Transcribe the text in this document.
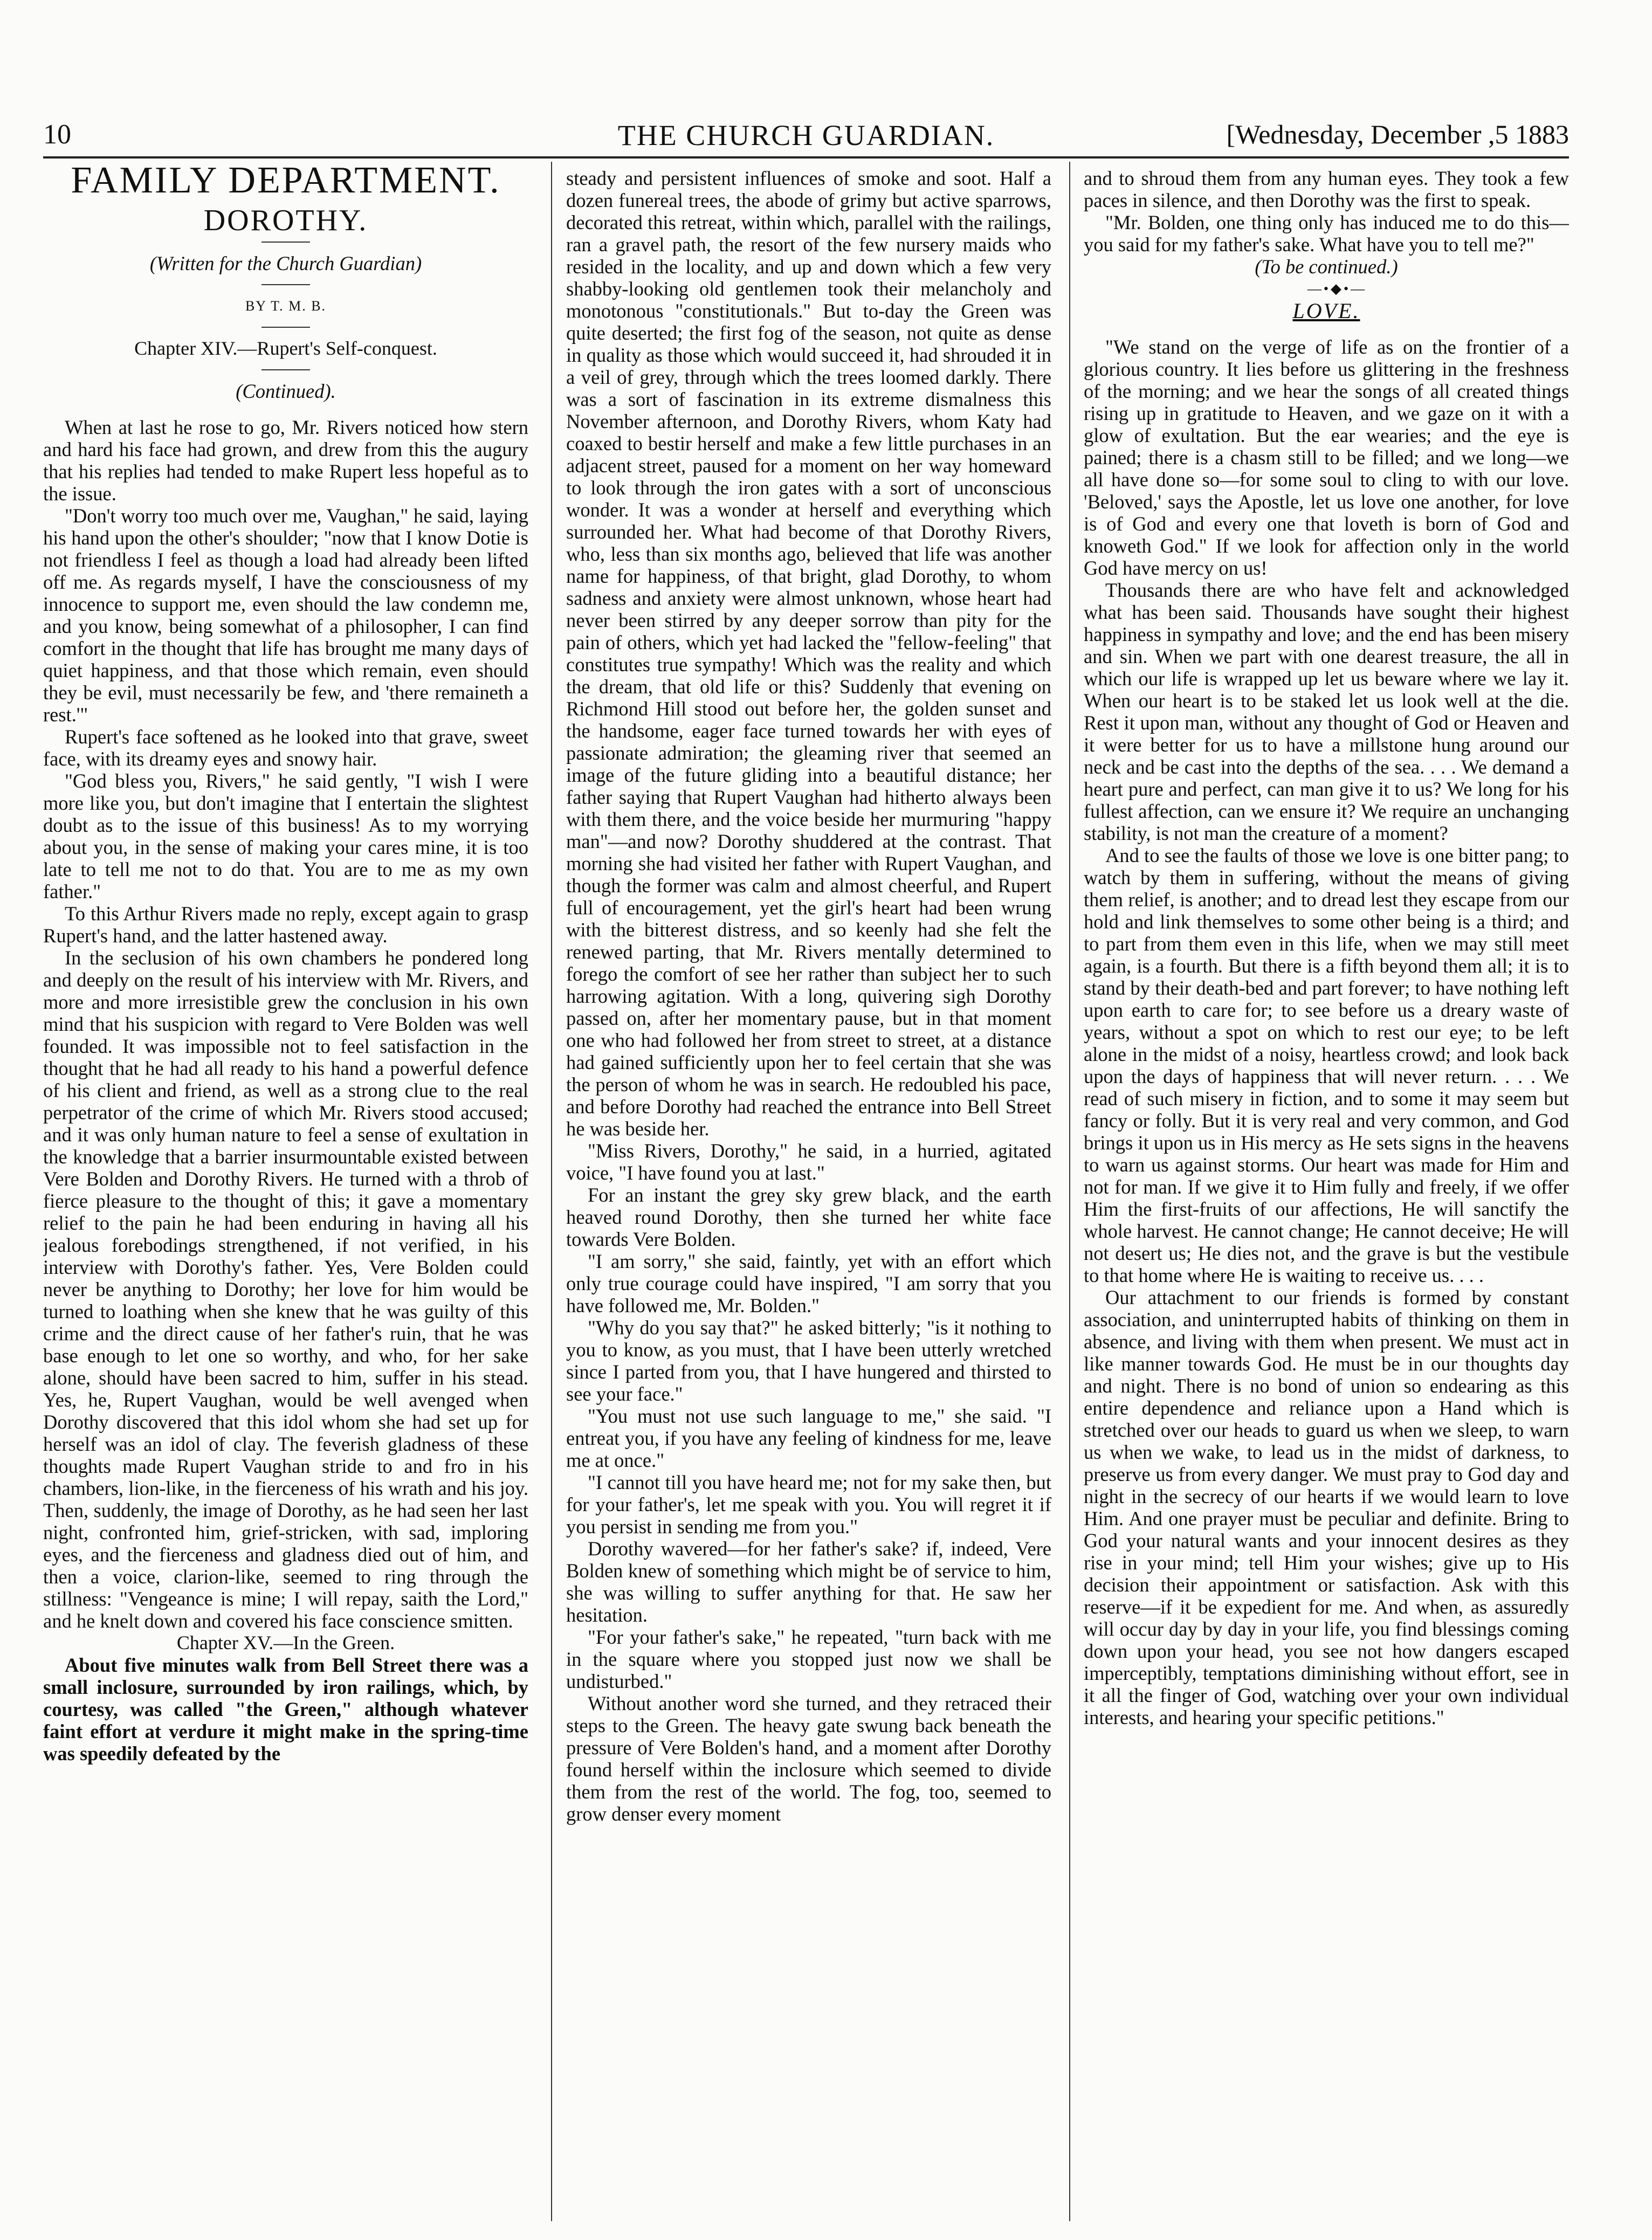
10	THE CHURCH GUARDIAN.	[Wednesday, December ,5 1883
FAMILY DEPARTMENT.
DOROTHY.

(Written for the Church Guardian)

BY T. M. B.

Chapter XIV.—Rupert's Self-conquest.

(Continued).

When at last he rose to go, Mr. Rivers noticed how stern and hard his face had grown, and drew from this the augury that his replies had tended to make Rupert less hopeful as to the issue.

"Don't worry too much over me, Vaughan," he said, laying his hand upon the other's shoulder; "now that I know Dotie is not friendless I feel as though a load had already been lifted off me. As regards myself, I have the consciousness of my innocence to support me, even should the law condemn me, and you know, being somewhat of a philosopher, I can find comfort in the thought that life has brought me many days of quiet happiness, and that those which remain, even should they be evil, must necessarily be few, and 'there remaineth a rest.'"

Rupert's face softened as he looked into that grave, sweet face, with its dreamy eyes and snowy hair.

"God bless you, Rivers," he said gently, "I wish I were more like you, but don't imagine that I entertain the slightest doubt as to the issue of this business! As to my worrying about you, in the sense of making your cares mine, it is too late to tell me not to do that. You are to me as my own father."

To this Arthur Rivers made no reply, except again to grasp Rupert's hand, and the latter hastened away.

In the seclusion of his own chambers he pondered long and deeply on the result of his interview with Mr. Rivers, and more and more irresistible grew the conclusion in his own mind that his suspicion with regard to Vere Bolden was well founded. It was impossible not to feel satisfaction in the thought that he had all ready to his hand a powerful defence of his client and friend, as well as a strong clue to the real perpetrator of the crime of which Mr. Rivers stood accused; and it was only human nature to feel a sense of exultation in the knowledge that a barrier insurmountable existed between Vere Bolden and Dorothy Rivers. He turned with a throb of fierce pleasure to the thought of this; it gave a momentary relief to the pain he had been enduring in having all his jealous forebodings strengthened, if not verified, in his interview with Dorothy's father. Yes, Vere Bolden could never be anything to Dorothy; her love for him would be turned to loathing when she knew that he was guilty of this crime and the direct cause of her father's ruin, that he was base enough to let one so worthy, and who, for her sake alone, should have been sacred to him, suffer in his stead. Yes, he, Rupert Vaughan, would be well avenged when Dorothy discovered that this idol whom she had set up for herself was an idol of clay. The feverish gladness of these thoughts made Rupert Vaughan stride to and fro in his chambers, lion-like, in the fierceness of his wrath and his joy. Then, suddenly, the image of Dorothy, as he had seen her last night, confronted him, grief-stricken, with sad, imploring eyes, and the fierceness and gladness died out of him, and then a voice, clarion-like, seemed to ring through the stillness: "Vengeance is mine; I will repay, saith the Lord," and he knelt down and covered his face conscience smitten.

Chapter XV.—In the Green.

About five minutes walk from Bell Street there was a small inclosure, surrounded by iron railings, which, by courtesy, was called "the Green," although whatever faint effort at verdure it might make in the spring-time was speedily defeated by the

steady and persistent influences of smoke and soot. Half a dozen funereal trees, the abode of grimy but active sparrows, decorated this retreat, within which, parallel with the railings, ran a gravel path, the resort of the few nursery maids who resided in the locality, and up and down which a few very shabby-looking old gentlemen took their melancholy and monotonous "constitutionals." But to-day the Green was quite deserted; the first fog of the season, not quite as dense in quality as those which would succeed it, had shrouded it in a veil of grey, through which the trees loomed darkly. There was a sort of fascination in its extreme dismalness this November afternoon, and Dorothy Rivers, whom Katy had coaxed to bestir herself and make a few little purchases in an adjacent street, paused for a moment on her way homeward to look through the iron gates with a sort of unconscious wonder. It was a wonder at herself and everything which surrounded her. What had become of that Dorothy Rivers, who, less than six months ago, believed that life was another name for happiness, of that bright, glad Dorothy, to whom sadness and anxiety were almost unknown, whose heart had never been stirred by any deeper sorrow than pity for the pain of others, which yet had lacked the "fellow-feeling" that constitutes true sympathy! Which was the reality and which the dream, that old life or this? Suddenly that evening on Richmond Hill stood out before her, the golden sunset and the handsome, eager face turned towards her with eyes of passionate admiration; the gleaming river that seemed an image of the future gliding into a beautiful distance; her father saying that Rupert Vaughan had hitherto always been with them there, and the voice beside her murmuring "happy man"—and now? Dorothy shuddered at the contrast. That morning she had visited her father with Rupert Vaughan, and though the former was calm and almost cheerful, and Rupert full of encouragement, yet the girl's heart had been wrung with the bitterest distress, and so keenly had she felt the renewed parting, that Mr. Rivers mentally determined to forego the comfort of see her rather than subject her to such harrowing agitation. With a long, quivering sigh Dorothy passed on, after her momentary pause, but in that moment one who had followed her from street to street, at a distance had gained sufficiently upon her to feel certain that she was the person of whom he was in search. He redoubled his pace, and before Dorothy had reached the entrance into Bell Street he was beside her.

"Miss Rivers, Dorothy," he said, in a hurried, agitated voice, "I have found you at last."

For an instant the grey sky grew black, and the earth heaved round Dorothy, then she turned her white face towards Vere Bolden.

"I am sorry," she said, faintly, yet with an effort which only true courage could have inspired, "I am sorry that you have followed me, Mr. Bolden."

"Why do you say that?" he asked bitterly; "is it nothing to you to know, as you must, that I have been utterly wretched since I parted from you, that I have hungered and thirsted to see your face."

"You must not use such language to me," she said. "I entreat you, if you have any feeling of kindness for me, leave me at once."

"I cannot till you have heard me; not for my sake then, but for your father's, let me speak with you. You will regret it if you persist in sending me from you."

Dorothy wavered—for her father's sake? if, indeed, Vere Bolden knew of something which might be of service to him, she was willing to suffer anything for that. He saw her hesitation.

"For your father's sake," he repeated, "turn back with me in the square where you stopped just now we shall be undisturbed."

Without another word she turned, and they retraced their steps to the Green. The heavy gate swung back beneath the pressure of Vere Bolden's hand, and a moment after Dorothy found herself within the inclosure which seemed to divide them from the rest of the world. The fog, too, seemed to grow denser every moment

and to shroud them from any human eyes. They took a few paces in silence, and then Dorothy was the first to speak.

"Mr. Bolden, one thing only has induced me to do this—you said for my father's sake. What have you to tell me?"

(To be continued.)

—•◆•—

LOVE.

"We stand on the verge of life as on the frontier of a glorious country. It lies before us glittering in the freshness of the morning; and we hear the songs of all created things rising up in gratitude to Heaven, and we gaze on it with a glow of exultation. But the ear wearies; and the eye is pained; there is a chasm still to be filled; and we long—we all have done so—for some soul to cling to with our love. 'Beloved,' says the Apostle, let us love one another, for love is of God and every one that loveth is born of God and knoweth God." If we look for affection only in the world God have mercy on us!

Thousands there are who have felt and acknowledged what has been said. Thousands have sought their highest happiness in sympathy and love; and the end has been misery and sin. When we part with one dearest treasure, the all in which our life is wrapped up let us beware where we lay it. When our heart is to be staked let us look well at the die. Rest it upon man, without any thought of God or Heaven and it were better for us to have a millstone hung around our neck and be cast into the depths of the sea. . . . We demand a heart pure and perfect, can man give it to us? We long for his fullest affection, can we ensure it? We require an unchanging stability, is not man the creature of a moment?

And to see the faults of those we love is one bitter pang; to watch by them in suffering, without the means of giving them relief, is another; and to dread lest they escape from our hold and link themselves to some other being is a third; and to part from them even in this life, when we may still meet again, is a fourth. But there is a fifth beyond them all; it is to stand by their death-bed and part forever; to have nothing left upon earth to care for; to see before us a dreary waste of years, without a spot on which to rest our eye; to be left alone in the midst of a noisy, heartless crowd; and look back upon the days of happiness that will never return. . . . We read of such misery in fiction, and to some it may seem but fancy or folly. But it is very real and very common, and God brings it upon us in His mercy as He sets signs in the heavens to warn us against storms. Our heart was made for Him and not for man. If we give it to Him fully and freely, if we offer Him the first-fruits of our affections, He will sanctify the whole harvest. He cannot change; He cannot deceive; He will not desert us; He dies not, and the grave is but the vestibule to that home where He is waiting to receive us. . . .

Our attachment to our friends is formed by constant association, and uninterrupted habits of thinking on them in absence, and living with them when present. We must act in like manner towards God. He must be in our thoughts day and night. There is no bond of union so endearing as this entire dependence and reliance upon a Hand which is stretched over our heads to guard us when we sleep, to warn us when we wake, to lead us in the midst of darkness, to preserve us from every danger. We must pray to God day and night in the secrecy of our hearts if we would learn to love Him. And one prayer must be peculiar and definite. Bring to God your natural wants and your innocent desires as they rise in your mind; tell Him your wishes; give up to His decision their appointment or satisfaction. Ask with this reserve—if it be expedient for me. And when, as assuredly will occur day by day in your life, you find blessings coming down upon your head, you see not how dangers escaped imperceptibly, temptations diminishing without effort, see in it all the finger of God, watching over your own individual interests, and hearing your specific petitions."
